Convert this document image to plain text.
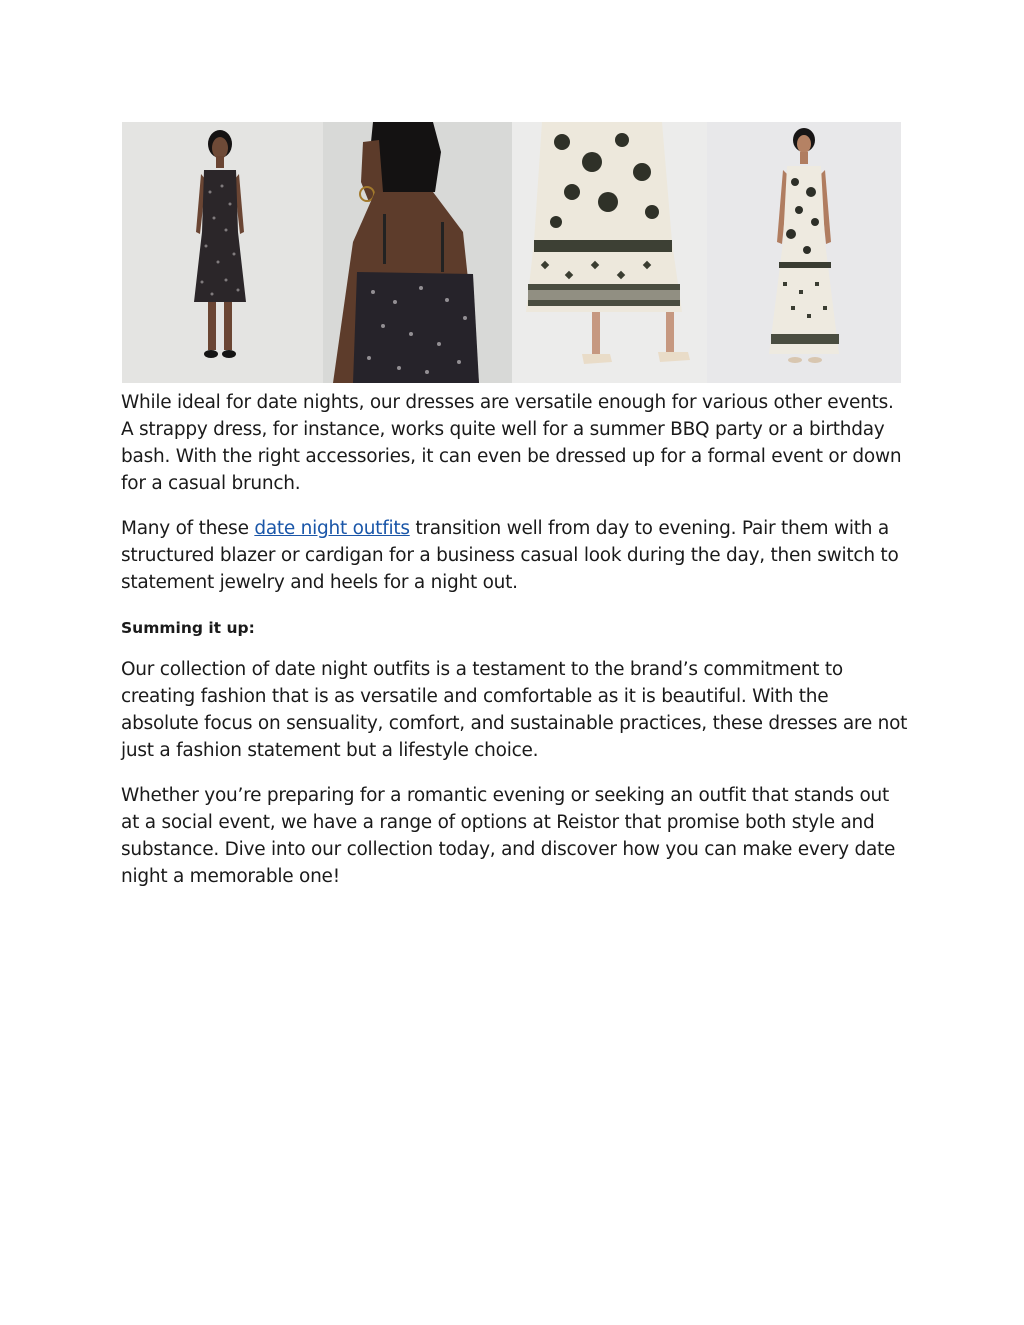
While ideal for date nights, our dresses are versatile enough for various other events. A strappy dress, for instance, works quite well for a summer BBQ party or a birthday bash. With the right accessories, it can even be dressed up for a formal event or down for a casual brunch.

Many of these date night outfits transition well from day to evening. Pair them with a structured blazer or cardigan for a business casual look during the day, then switch to statement jewelry and heels for a night out.

Summing it up:

Our collection of date night outfits is a testament to the brand’s commitment to creating fashion that is as versatile and comfortable as it is beautiful. With the absolute focus on sensuality, comfort, and sustainable practices, these dresses are not just a fashion statement but a lifestyle choice.

Whether you’re preparing for a romantic evening or seeking an outfit that stands out at a social event, we have a range of options at Reistor that promise both style and substance. Dive into our collection today, and discover how you can make every date night a memorable one!
